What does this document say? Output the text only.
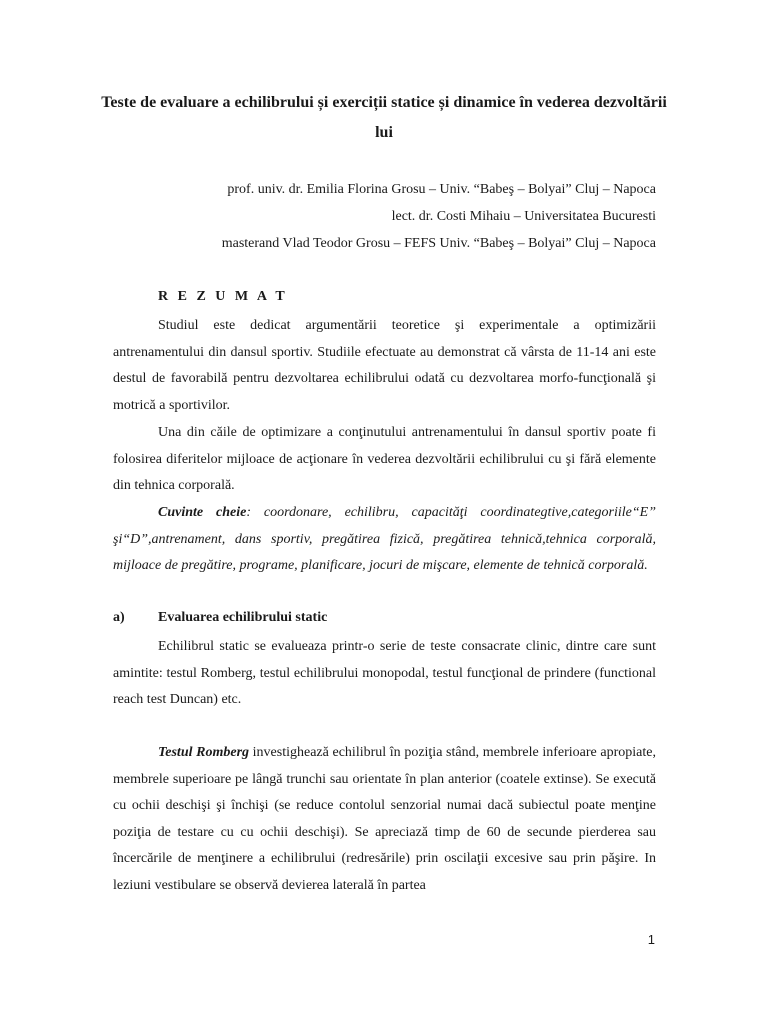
Teste de evaluare a echilibrului și exerciții statice și dinamice în vederea dezvoltării lui
prof. univ. dr. Emilia Florina Grosu – Univ. “Babeş – Bolyai” Cluj – Napoca
lect. dr. Costi Mihaiu – Universitatea Bucuresti
masterand Vlad Teodor Grosu – FEFS Univ. “Babeş – Bolyai” Cluj – Napoca
R E Z U M A T
Studiul este dedicat argumentării teoretice şi experimentale a optimizării antrenamentului din dansul sportiv. Studiile efectuate au demonstrat că vârsta de 11-14 ani este destul de favorabilă pentru dezvoltarea echilibrului odată cu dezvoltarea morfo-funcţională şi motrică a sportivilor.
Una din căile de optimizare a conţinutului antrenamentului în dansul sportiv poate fi folosirea diferitelor mijloace de acţionare în vederea dezvoltării echilibrului cu şi fără elemente din tehnica corporală.
Cuvinte cheie: coordonare, echilibru, capacităţi coordinategtive,categoriile“E” şi“D”,antrenament, dans sportiv, pregătirea fizică, pregătirea tehnică,tehnica corporală, mijloace de pregătire, programe, planificare, jocuri de mişcare, elemente de tehnică corporală.
a) Evaluarea echilibrului static
Echilibrul static se evalueaza printr-o serie de teste consacrate clinic, dintre care sunt amintite: testul Romberg, testul echilibrului monopodal, testul funcţional de prindere (functional reach test Duncan) etc.
Testul Romberg investighează echilibrul în poziţia stând, membrele inferioare apropiate, membrele superioare pe lângă trunchi sau orientate în plan anterior (coatele extinse). Se execută cu ochii deschişi şi închişi (se reduce contolul senzorial numai dacă subiectul poate menţine poziţia de testare cu cu ochii deschişi). Se apreciază timp de 60 de secunde pierderea sau încercările de menţinere a echilibrului (redresările) prin oscilaţii excesive sau prin păşire. In leziuni vestibulare se observă devierea laterală în partea
1
